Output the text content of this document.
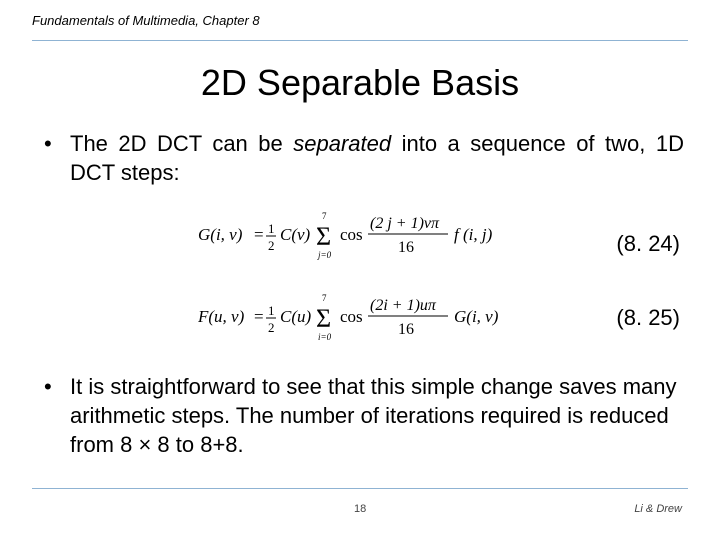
Fundamentals of Multimedia, Chapter 8
2D Separable Basis
• The 2D DCT can be separated into a sequence of two, 1D DCT steps:
G(i, v) = 1
2
C(v)
7
Σ
j=0
cos
(2 j + 1)vπ
16
f (i, j)	(8. 24)
F(u, v) = 1
2
C(u)
7
Σ
i=0
cos
(2i + 1)uπ
16
G(i, v)	(8. 25)
• It is straightforward to see that this simple change saves many arithmetic steps. The number of iterations required is reduced from 8 × 8 to 8+8.
18	Li & Drew
